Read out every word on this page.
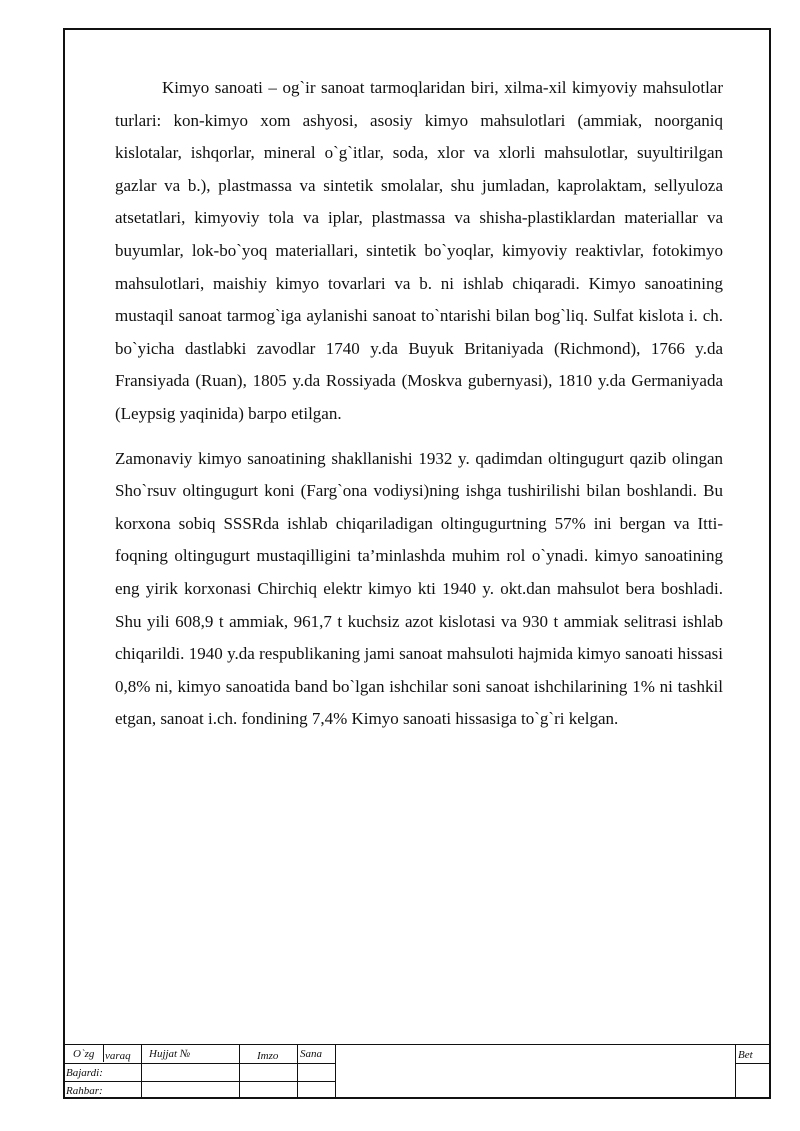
Kimyo sanoati – og`ir sanoat tarmoqlaridan biri, xilma-xil kimyoviy mahsulotlar turlari: kon-kimyo xom ashyosi, asosiy kimyo mahsulotlari (ammiak, noorganiq kislotalar, ishqorlar, mineral o`g`itlar, soda, xlor va xlorli mahsulotlar, suyultirilgan gazlar va b.), plastmassa va sintetik smolalar, shu jumladan, kaprolaktam, sellyuloza atsetatlari, kimyoviy tola va iplar, plastmassa va shisha-plastiklardan materiallar va buyumlar, lok-bo`yoq materiallari, sintetik bo`yoqlar, kimyoviy reaktivlar, fotokimyo mahsulotlari, maishiy kimyo tovarlari va b. ni ishlab chiqaradi. Kimyo sanoatining mustaqil sanoat tarmog`iga aylanishi sanoat to`ntarishi bilan bog`liq. Sulfat kislota i. ch. bo`yicha dastlabki zavodlar 1740 y.da Buyuk Britaniyada (Richmond), 1766 y.da Fransiyada (Ruan), 1805 y.da Rossiyada (Moskva gubernyasi), 1810 y.da Germaniyada (Leypsig yaqinida) barpo etilgan.

Zamonaviy kimyo sanoatining shakllanishi 1932 y. qadimdan oltingugurt qazib olingan Sho`rsuv oltingugurt koni (Farg`ona vodiysi)ning ishga tushirilishi bilan boshlandi. Bu korxona sobiq SSSRda ishlab chiqariladigan oltingugurtning 57% ini bergan va Itti-foqning oltingugurt mustaqilligini ta’minlashda muhim rol o`ynadi. kimyo sanoatining eng yirik korxonasi Chirchiq elektr kimyo kti 1940 y. okt.dan mahsulot bera boshladi. Shu yili 608,9 t ammiak, 961,7 t kuchsiz azot kislotasi va 930 t ammiak selitrasi ishlab chiqarildi. 1940 y.da respublikaning jami sanoat mahsuloti hajmida kimyo sanoati hissasi 0,8% ni, kimyo sanoatida band bo`lgan ishchilar soni sanoat ishchilarining 1% ni tashkil etgan, sanoat i.ch. fondining 7,4% Kimyo sanoati hissasiga to`g`ri kelgan.

O`zg varaq Hujjat №	Imzo Sana	Bet
Bajardi:
Rahbar:
